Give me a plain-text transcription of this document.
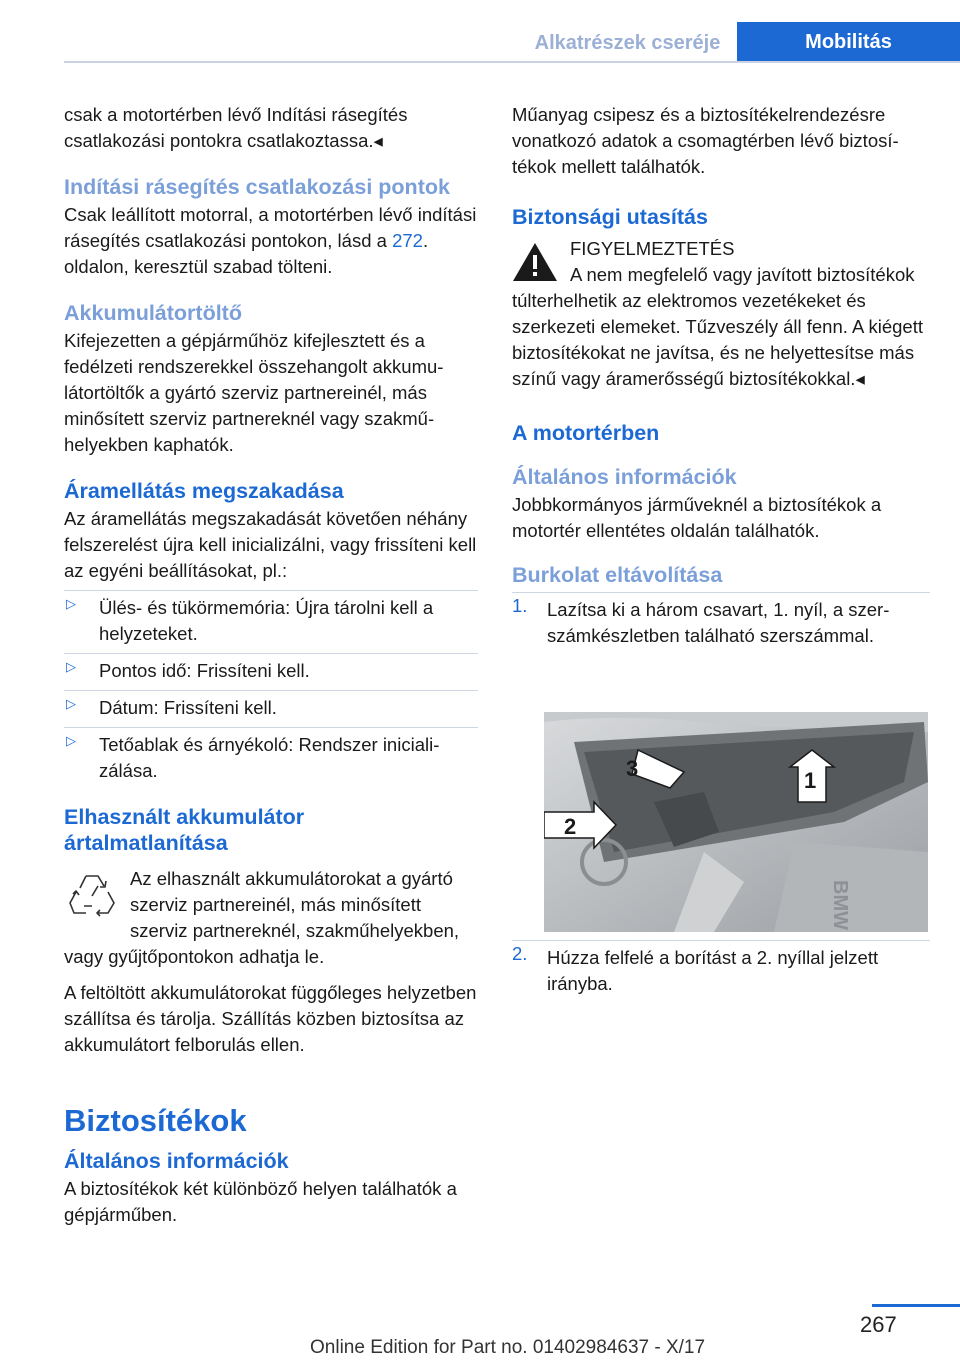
Alkatrészek cseréje	Mobilitás

csak a motortérben lévő Indítási rásegítés csatlakozási pontokra csatlakoztassa.◂

Indítási rásegítés csatlakozási pontok

Csak leállított motorral, a motortérben lévő indítási rásegítés csatlakozási pontokon, lásd a 272. oldalon, keresztül szabad tölteni.

Akkumulátortöltő

Kifejezetten a gépjárműhöz kifejlesztett és a fedélzeti rendszerekkel összehangolt akkumulátortöltők a gyártó szerviz partnereinél, más minősített szerviz partnereknél vagy szakműhelyekben kaphatók.

Áramellátás megszakadása

Az áramellátás megszakadását követően néhány felszerelést újra kell inicializálni, vagy frissíteni kell az egyéni beállításokat, pl.:

▷ Ülés- és tükörmemória: Újra tárolni kell a helyzeteket.
▷ Pontos idő: Frissíteni kell.
▷ Dátum: Frissíteni kell.
▷ Tetőablak és árnyékoló: Rendszer inicializálása.

Elhasznált akkumulátor
ártalmatlanítása

Az elhasznált akkumulátorokat a gyártó szerviz partnereinél, más minősített szerviz partnereknél, szakműhelyekben, vagy gyűjtőpontokon adhatja le.

A feltöltött akkumulátorokat függőleges helyzetben szállítsa és tárolja. Szállítás közben biztosítsa az akkumulátort felborulás ellen.

Biztosítékok

Általános információk

A biztosítékok két különböző helyen találhatók a gépjárműben.

Műanyag csipesz és a biztosítékelrendezésre vonatkozó adatok a csomagtérben lévő biztosítékok mellett találhatók.

Biztonsági utasítás

FIGYELMEZTETÉS

A nem megfelelő vagy javított biztosítékok túlterhelhetik az elektromos vezetékeket és szerkezeti elemeket. Tűzveszély áll fenn. A kiégett biztosítékokat ne javítsa, és ne helyettesítse más színű vagy áramerősségű biztosítékokkal.◂

A motortérben

Általános információk

Jobbkormányos járműveknél a biztosítékok a motortér ellentétes oldalán találhatók.

Burkolat eltávolítása

1. Lazítsa ki a három csavart, 1. nyíl, a szerszámkészletben található szerszámmal.
BMW
1
3
2
2. Húzza felfelé a borítást a 2. nyíllal jelzett irányba.
267
Online Edition for Part no. 01402984637 - X/17
